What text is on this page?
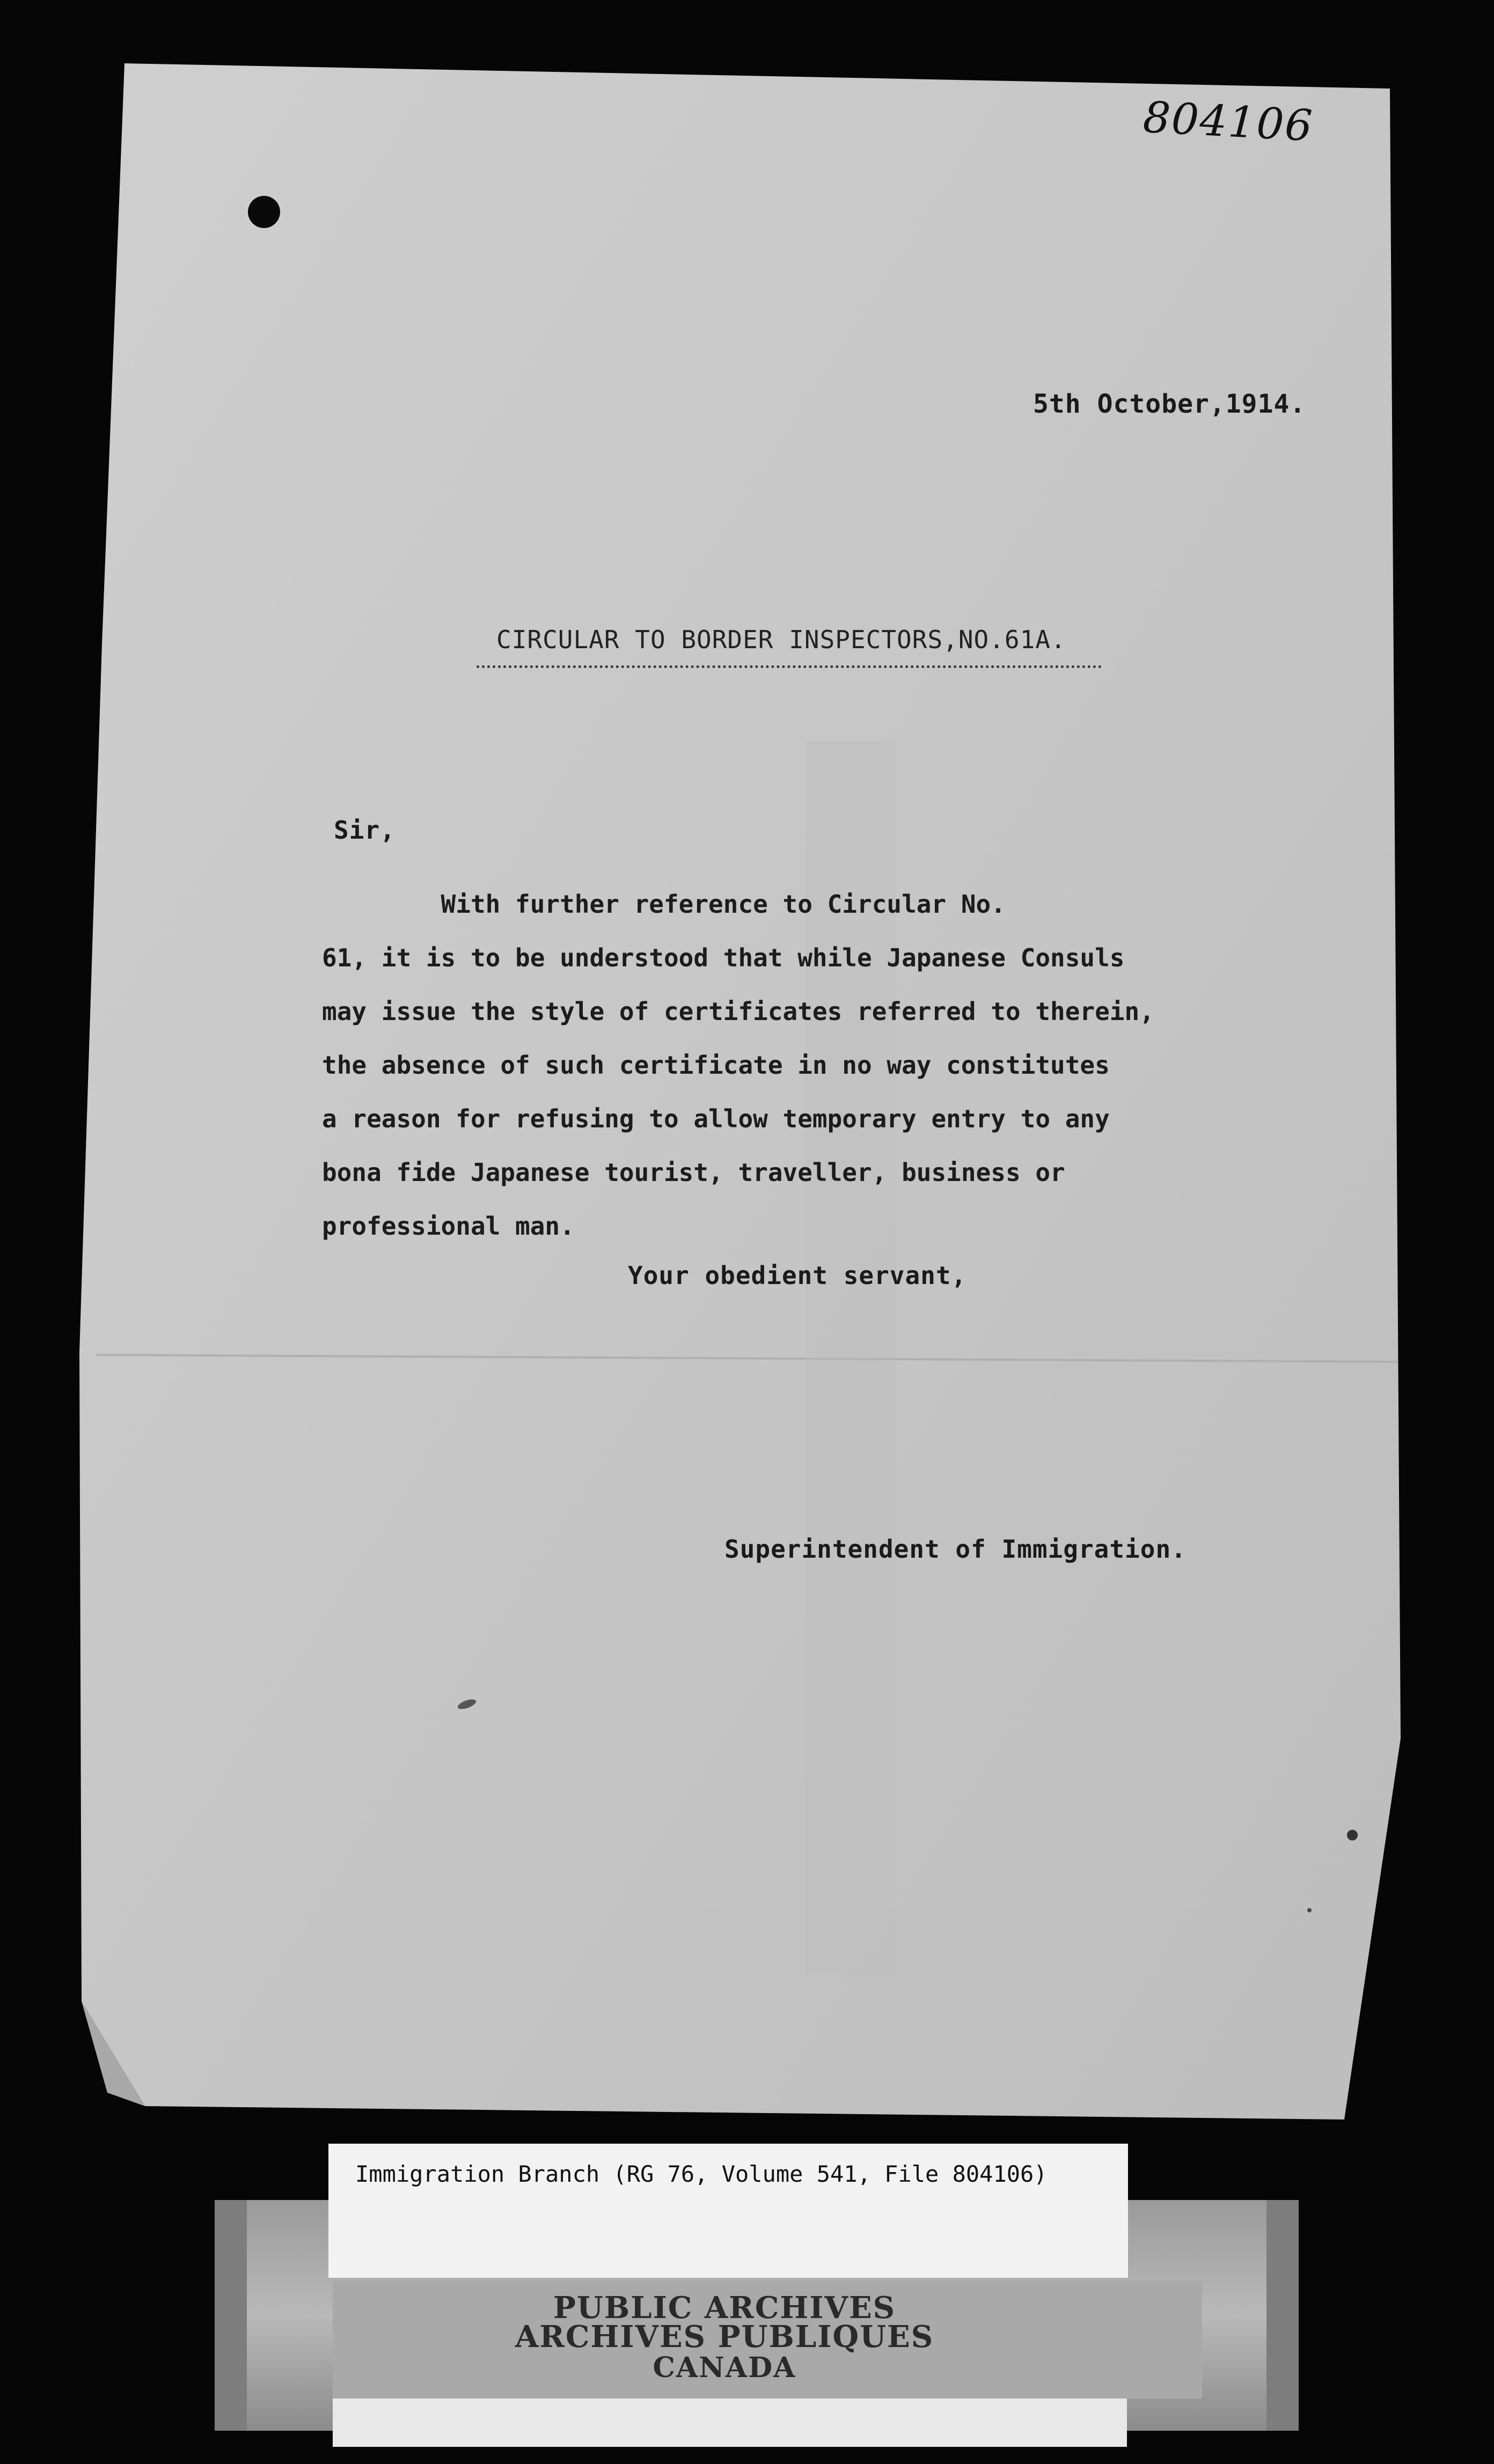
804106
5th October,1914.
CIRCULAR TO BORDER INSPECTORS,NO.61A.
Sir,
With further reference to Circular No.
61, it is to be understood that while Japanese Consuls
may issue the style of certificates referred to therein,
the absence of such certificate in no way constitutes
a reason for refusing to allow temporary entry to any
bona fide Japanese tourist, traveller, business or
professional man.
Your obedient servant,
Superintendent of Immigration.
PUBLIC ARCHIVES
ARCHIVES PUBLIQUES
CANADA
Immigration Branch (RG 76, Volume 541, File 804106)
